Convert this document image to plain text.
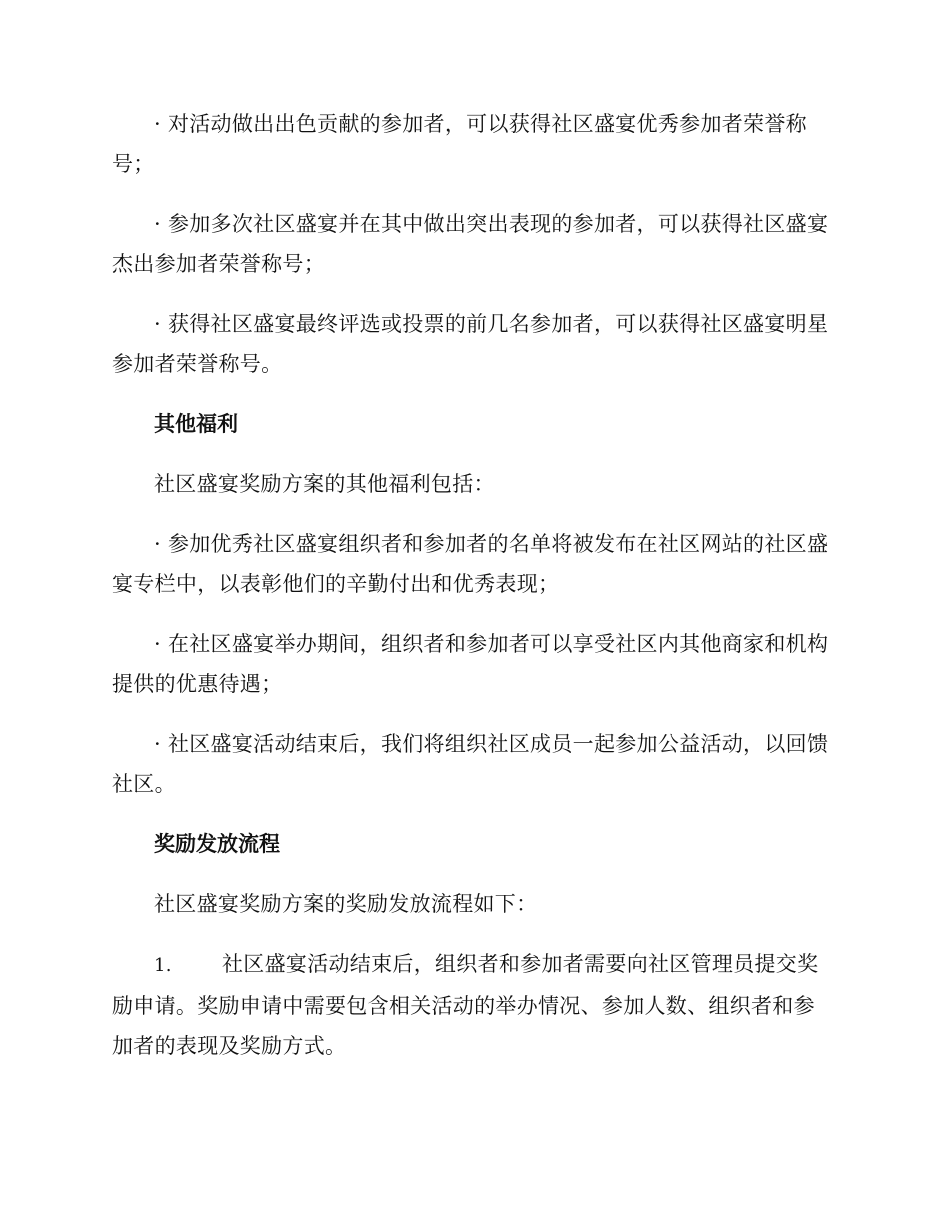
· 对活动做出出色贡献的参加者，可以获得社区盛宴优秀参加者荣誉称号；

· 参加多次社区盛宴并在其中做出突出表现的参加者，可以获得社区盛宴杰出参加者荣誉称号；

· 获得社区盛宴最终评选或投票的前几名参加者，可以获得社区盛宴明星参加者荣誉称号。

其他福利

社区盛宴奖励方案的其他福利包括：

· 参加优秀社区盛宴组织者和参加者的名单将被发布在社区网站的社区盛宴专栏中，以表彰他们的辛勤付出和优秀表现；

· 在社区盛宴举办期间，组织者和参加者可以享受社区内其他商家和机构提供的优惠待遇；

· 社区盛宴活动结束后，我们将组织社区成员一起参加公益活动，以回馈社区。

奖励发放流程

社区盛宴奖励方案的奖励发放流程如下：

1. 社区盛宴活动结束后，组织者和参加者需要向社区管理员提交奖励申请。奖励申请中需要包含相关活动的举办情况、参加人数、组织者和参加者的表现及奖励方式。
